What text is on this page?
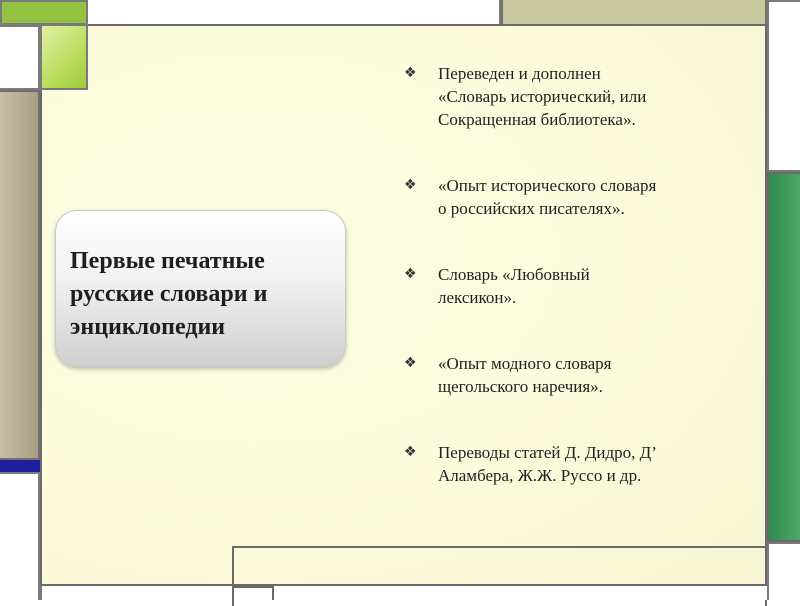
Первые печатные
русские словари и
энциклопедии

❖	Переведен и дополнен
«Словарь исторический, или
Сокращенная библиотека».
❖	«Опыт исторического словаря
о российских писателях».
❖	Словарь «Любовный
лексикон».
❖	«Опыт модного словаря
щегольского наречия».
❖	Переводы статей Д. Дидро, Д’
Аламбера, Ж.Ж. Руссо и др.
